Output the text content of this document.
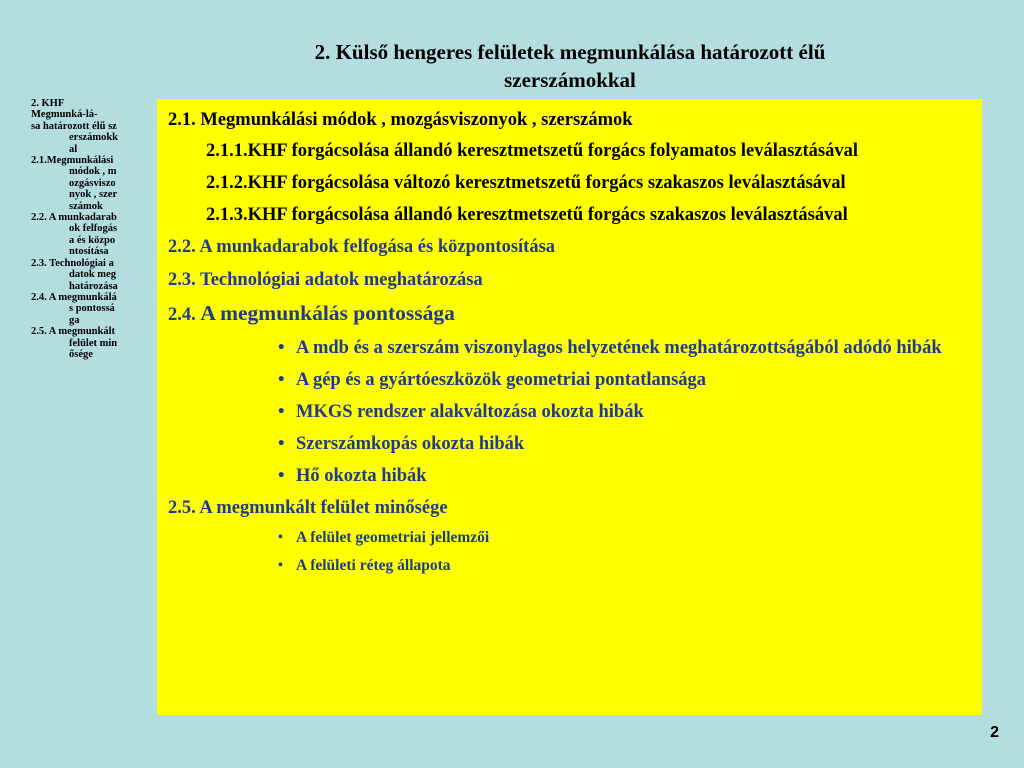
2. Külső hengeres felületek megmunkálása határozott élű
szerszámokkal

2. KHF

Megmunká-lá-

sa határozott élű szerszámokkal

2.1.Megmunkálási módok , mozgásviszonyok , szerszámok

2.2. A munkadarabok felfogása és központosítása

2.3. Technológiai adatok meghatározása

2.4. A megmunkálás pontossága

2.5. A megmunkált felület minősége

2.1. Megmunkálási módok , mozgásviszonyok , szerszámok

2.1.1.KHF forgácsolása állandó keresztmetszetű forgács folyamatos leválasztásával

2.1.2.KHF forgácsolása változó keresztmetszetű forgács szakaszos leválasztásával

2.1.3.KHF forgácsolása állandó keresztmetszetű forgács szakaszos leválasztásával

2.2. A munkadarabok felfogása és központosítása

2.3. Technológiai adatok meghatározása

2.4. A megmunkálás pontossága

• A mdb és a szerszám viszonylagos helyzetének meghatározottságából adódó hibák
• A gép és a gyártóeszközök geometriai pontatlansága
• MKGS rendszer alakváltozása okozta hibák
• Szerszámkopás okozta hibák
• Hő okozta hibák

2.5. A megmunkált felület minősége

• A felület geometriai jellemzői
• A felületi réteg állapota
2
